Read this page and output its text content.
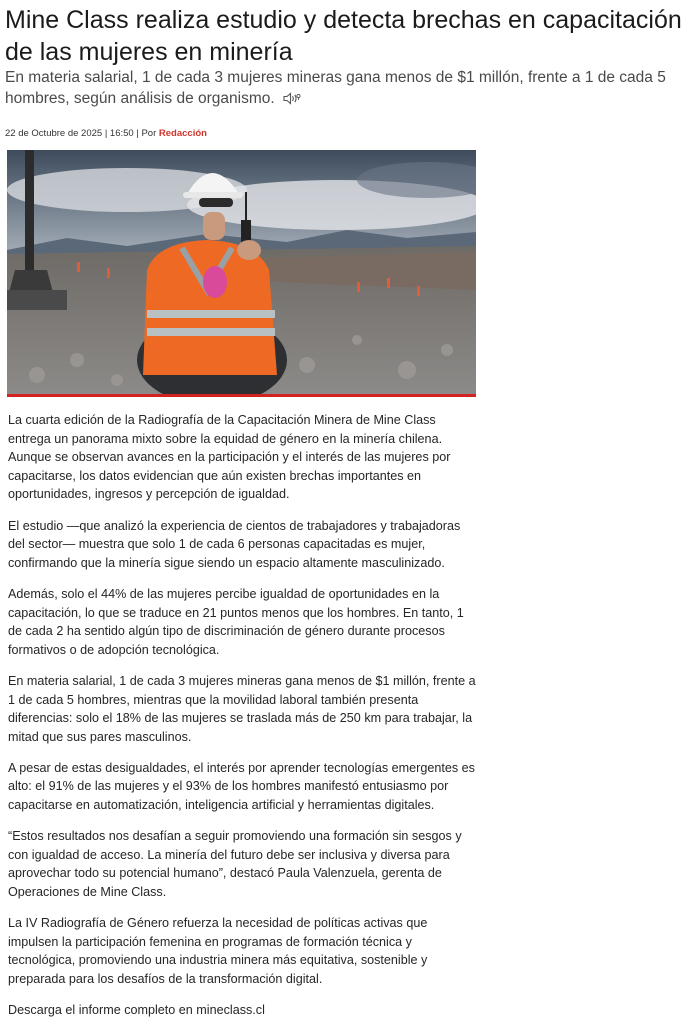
Mine Class realiza estudio y detecta brechas en capacitación de las mujeres en minería

En materia salarial, 1 de cada 3 mujeres mineras gana menos de $1 millón, frente a 1 de cada 5 hombres, según análisis de organismo.

22 de Octubre de 2025 | 16:50 | Por Redacción

La cuarta edición de la Radiografía de la Capacitación Minera de Mine Class entrega un panorama mixto sobre la equidad de género en la minería chilena. Aunque se observan avances en la participación y el interés de las mujeres por capacitarse, los datos evidencian que aún existen brechas importantes en oportunidades, ingresos y percepción de igualdad.

El estudio —que analizó la experiencia de cientos de trabajadores y trabajadoras del sector— muestra que solo 1 de cada 6 personas capacitadas es mujer, confirmando que la minería sigue siendo un espacio altamente masculinizado.

Además, solo el 44% de las mujeres percibe igualdad de oportunidades en la capacitación, lo que se traduce en 21 puntos menos que los hombres. En tanto, 1 de cada 2 ha sentido algún tipo de discriminación de género durante procesos formativos o de adopción tecnológica.

En materia salarial, 1 de cada 3 mujeres mineras gana menos de $1 millón, frente a 1 de cada 5 hombres, mientras que la movilidad laboral también presenta diferencias: solo el 18% de las mujeres se traslada más de 250 km para trabajar, la mitad que sus pares masculinos.

A pesar de estas desigualdades, el interés por aprender tecnologías emergentes es alto: el 91% de las mujeres y el 93% de los hombres manifestó entusiasmo por capacitarse en automatización, inteligencia artificial y herramientas digitales.

“Estos resultados nos desafían a seguir promoviendo una formación sin sesgos y con igualdad de acceso. La minería del futuro debe ser inclusiva y diversa para aprovechar todo su potencial humano”, destacó Paula Valenzuela, gerenta de Operaciones de Mine Class.

La IV Radiografía de Género refuerza la necesidad de políticas activas que impulsen la participación femenina en programas de formación técnica y tecnológica, promoviendo una industria minera más equitativa, sostenible y preparada para los desafíos de la transformación digital.

Descarga el informe completo en mineclass.cl
